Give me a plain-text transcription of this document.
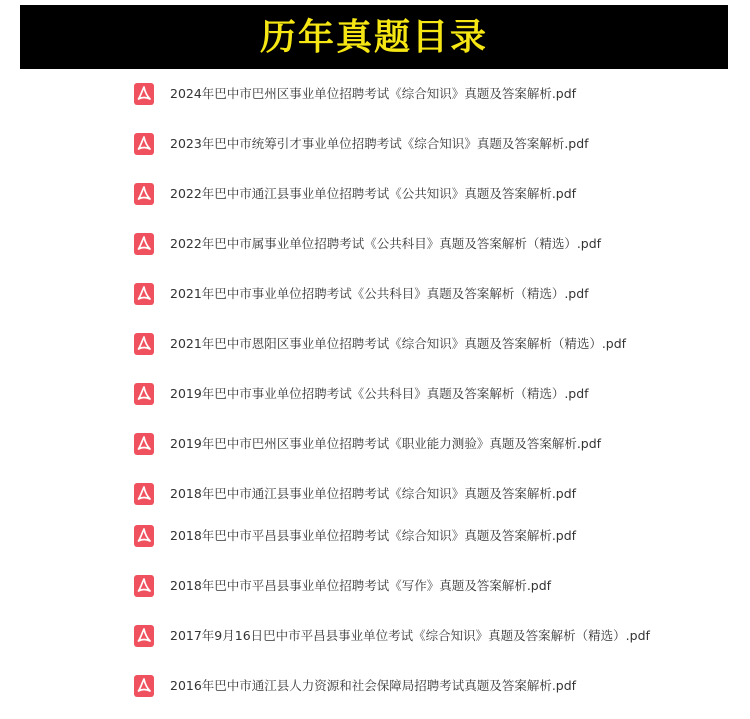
历年真题目录
2024年巴中市巴州区事业单位招聘考试《综合知识》真题及答案解析.pdf
2023年巴中市统筹引才事业单位招聘考试《综合知识》真题及答案解析.pdf
2022年巴中市通江县事业单位招聘考试《公共知识》真题及答案解析.pdf
2022年巴中市属事业单位招聘考试《公共科目》真题及答案解析（精选）.pdf
2021年巴中市事业单位招聘考试《公共科目》真题及答案解析（精选）.pdf
2021年巴中市恩阳区事业单位招聘考试《综合知识》真题及答案解析（精选）.pdf
2019年巴中市事业单位招聘考试《公共科目》真题及答案解析（精选）.pdf
2019年巴中市巴州区事业单位招聘考试《职业能力测验》真题及答案解析.pdf
2018年巴中市通江县事业单位招聘考试《综合知识》真题及答案解析.pdf
2018年巴中市平昌县事业单位招聘考试《综合知识》真题及答案解析.pdf
2018年巴中市平昌县事业单位招聘考试《写作》真题及答案解析.pdf
2017年9月16日巴中市平昌县事业单位考试《综合知识》真题及答案解析（精选）.pdf
2016年巴中市通江县人力资源和社会保障局招聘考试真题及答案解析.pdf
